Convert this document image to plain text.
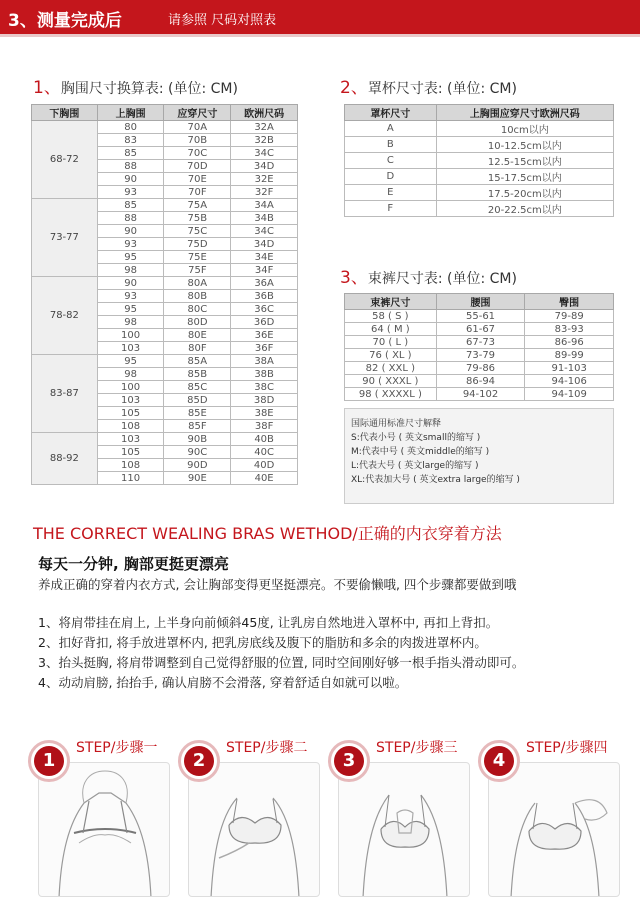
3、测量完成后	请参照 尺码对照表
1、胸围尺寸换算表: (单位: CM)
下胸围	上胸围	应穿尺寸	欧洲尺码
68-72	80	70A	32A
	83	70B	32B
	85	70C	34C
	88	70D	34D
	90	70E	32E
	93	70F	32F
73-77	85	75A	34A
	88	75B	34B
	90	75C	34C
	93	75D	34D
	95	75E	34E
	98	75F	34F
78-82	90	80A	36A
	93	80B	36B
	95	80C	36C
	98	80D	36D
	100	80E	36E
	103	80F	36F
83-87	95	85A	38A
	98	85B	38B
	100	85C	38C
	103	85D	38D
	105	85E	38E
	108	85F	38F
88-92	103	90B	40B
	105	90C	40C
	108	90D	40D
	110	90E	40E
2、罩杯尺寸表: (单位: CM)
罩杯尺寸	上胸围应穿尺寸欧洲尺码
A	10cm以内
B	10-12.5cm以内
C	12.5-15cm以内
D	15-17.5cm以内
E	17.5-20cm以内
F	20-22.5cm以内
3、束裤尺寸表: (单位: CM)
束裤尺寸	腰围	臀围
58 ( S )	55-61	79-89
64 ( M )	61-67	83-93
70 ( L )	67-73	86-96
76 ( XL )	73-79	89-99
82 ( XXL )	79-86	91-103
90 ( XXXL )	86-94	94-106
98 ( XXXXL )	94-102	94-109
国际通用标准尺寸解释
S:代表小号 ( 英文small的缩写 )
M:代表中号 ( 英文middle的缩写 )
L:代表大号 ( 英文large的缩写 )
XL:代表加大号 ( 英文extra large的缩写 )
THE CORRECT WEALING BRAS WETHOD/正确的内衣穿着方法
每天一分钟, 胸部更挺更漂亮
养成正确的穿着内衣方式, 会让胸部变得更坚挺漂亮。不要偷懒哦, 四个步骤都要做到哦
1、将肩带挂在肩上, 上半身向前倾斜45度, 让乳房自然地进入罩杯中, 再扣上背扣。
2、扣好背扣, 将手放进罩杯内, 把乳房底线及腹下的脂肪和多余的肉拨进罩杯内。
3、抬头挺胸, 将肩带调整到自己觉得舒服的位置, 同时空间刚好够一根手指头滑动即可。
4、动动肩膀, 抬抬手, 确认肩膀不会滑落, 穿着舒适自如就可以啦。
1
STEP/步骤一
2
STEP/步骤二
3
STEP/步骤三
4
STEP/步骤四
